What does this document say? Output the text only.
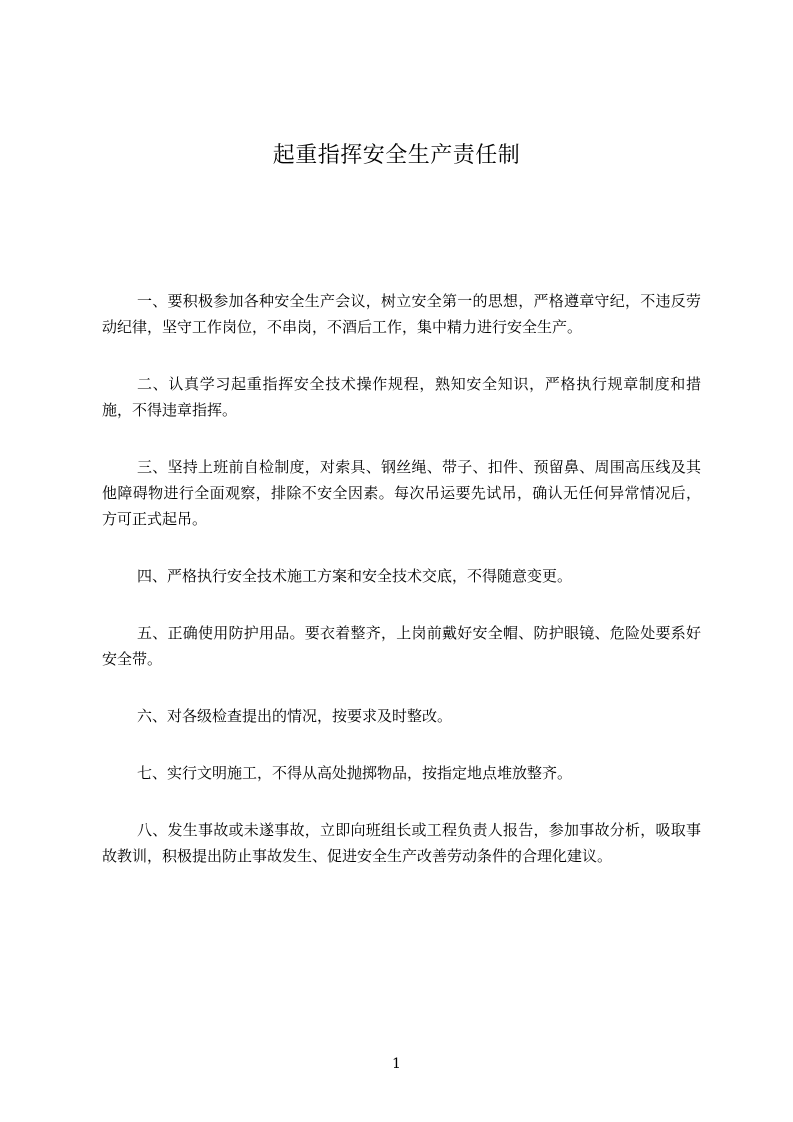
起重指挥安全生产责任制

一、要积极参加各种安全生产会议，树立安全第一的思想，严格遵章守纪，不违反劳动纪律，坚守工作岗位，不串岗，不酒后工作，集中精力进行安全生产。

二、认真学习起重指挥安全技术操作规程，熟知安全知识，严格执行规章制度和措施，不得违章指挥。

三、坚持上班前自检制度，对索具、钢丝绳、带子、扣件、预留鼻、周围高压线及其他障碍物进行全面观察，排除不安全因素。每次吊运要先试吊，确认无任何异常情况后，方可正式起吊。

四、严格执行安全技术施工方案和安全技术交底，不得随意变更。

五、正确使用防护用品。要衣着整齐，上岗前戴好安全帽、防护眼镜、危险处要系好安全带。

六、对各级检查提出的情况，按要求及时整改。

七、实行文明施工，不得从高处抛掷物品，按指定地点堆放整齐。

八、发生事故或未遂事故，立即向班组长或工程负责人报告，参加事故分析，吸取事故教训，积极提出防止事故发生、促进安全生产改善劳动条件的合理化建议。

1
